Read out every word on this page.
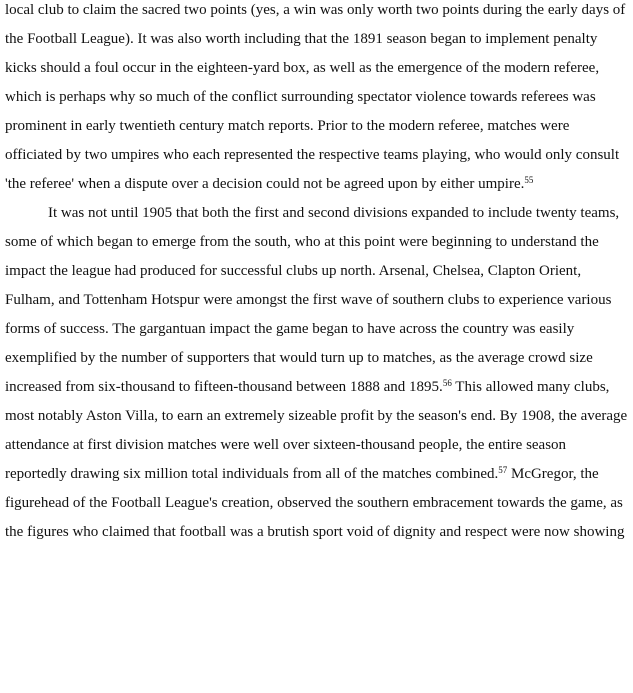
local club to claim the sacred two points (yes, a win was only worth two points during the early days of
the Football League). It was also worth including that the 1891 season began to implement penalty
kicks should a foul occur in the eighteen-yard box, as well as the emergence of the modern referee,
which is perhaps why so much of the conflict surrounding spectator violence towards referees was
prominent in early twentieth century match reports. Prior to the modern referee, matches were
officiated by two umpires who each represented the respective teams playing, who would only consult
'the referee' when a dispute over a decision could not be agreed upon by either umpire.$^{55}$
It was not until 1905 that both the first and second divisions expanded to include twenty teams,
some of which began to emerge from the south, who at this point were beginning to understand the
impact the league had produced for successful clubs up north. Arsenal, Chelsea, Clapton Orient,
Fulham, and Tottenham Hotspur were amongst the first wave of southern clubs to experience various
forms of success. The gargantuan impact the game began to have across the country was easily
exemplified by the number of supporters that would turn up to matches, as the average crowd size
increased from six-thousand to fifteen-thousand between 1888 and 1895.56 This allowed many clubs,
most notably Aston Villa, to earn an extremely sizeable profit by the season's end. By 1908, the average
attendance at first division matches were well over sixteen-thousand people, the entire season
reportedly drawing six million total individuals from all of the matches combined.$^{57}$ McGregor, the
figurehead of the Football League's creation, observed the southern embracement towards the game, as
the figures who claimed that football was a brutish sport void of dignity and respect were now showing
